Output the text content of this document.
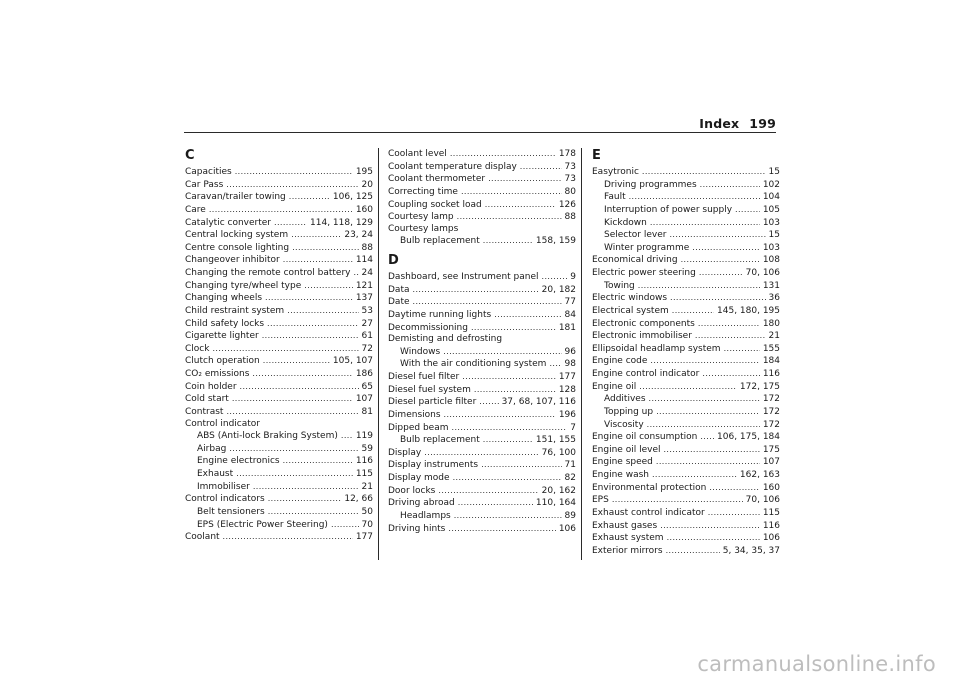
Index 199
C
Capacities .....	195
Car Pass .....	20
Caravan/trailer towing .....	106, 125
Care .....	160
Catalytic converter .....	114, 118, 129
Central locking system .....	23, 24
Centre console lighting .....	88
Changeover inhibitor .....	114
Changing the remote control battery ..... 24
Changing tyre/wheel type .....	121
Changing wheels .....	137
Child restraint system .....	53
Child safety locks .....	27
Cigarette lighter .....	61
Clock .....	72
Clutch operation .....	105, 107
CO₂ emissions .....	186
Coin holder .....	65
Cold start .....	107
Contrast .....	81
Control indicator
ABS (Anti-lock Braking System) ..... 119
Airbag .....	59
Engine electronics .....	116
Exhaust .....	115
Immobiliser .....	21
Control indicators .....	12, 66
Belt tensioners .....	50
EPS (Electric Power Steering) .....	70
Coolant .....	177
Coolant level .....	178
Coolant temperature display .....	73
Coolant thermometer .....	73
Correcting time .....	80
Coupling socket load .....	126
Courtesy lamp .....	88
Courtesy lamps
Bulb replacement .....	158, 159
D
Dashboard, see Instrument panel .....	9
Data .....	20, 182
Date .....	77
Daytime running lights .....	84
Decommissioning .....	181
Demisting and defrosting
Windows .....	96
With the air conditioning system ..... 98
Diesel fuel filter .....	177
Diesel fuel system .....	128
Diesel particle filter .....	37, 68, 107, 116
Dimensions .....	196
Dipped beam .....	7
Bulb replacement .....	151, 155
Display .....	76, 100
Display instruments .....	71
Display mode .....	82
Door locks .....	20, 162
Driving abroad .....	110, 164
Headlamps .....	89
Driving hints .....	106
E
Easytronic .....	15
Driving programmes .....	102
Fault .....	104
Interruption of power supply .....	105
Kickdown .....	103
Selector lever .....	15
Winter programme .....	103
Economical driving .....	108
Electric power steering .....	70, 106
Towing .....	131
Electric windows .....	36
Electrical system .....	145, 180, 195
Electronic components .....	180
Electronic immobiliser .....	21
Ellipsoidal headlamp system .....	155
Engine code .....	184
Engine control indicator .....	116
Engine oil .....	172, 175
Additives .....	172
Topping up .....	172
Viscosity .....	172
Engine oil consumption ..... 106, 175, 184
Engine oil level .....	175
Engine speed .....	107
Engine wash .....	162, 163
Environmental protection .....	160
EPS .....	70, 106
Exhaust control indicator .....	115
Exhaust gases .....	116
Exhaust system .....	106
Exterior mirrors .....	5, 34, 35, 37
carmanualsonline.info
